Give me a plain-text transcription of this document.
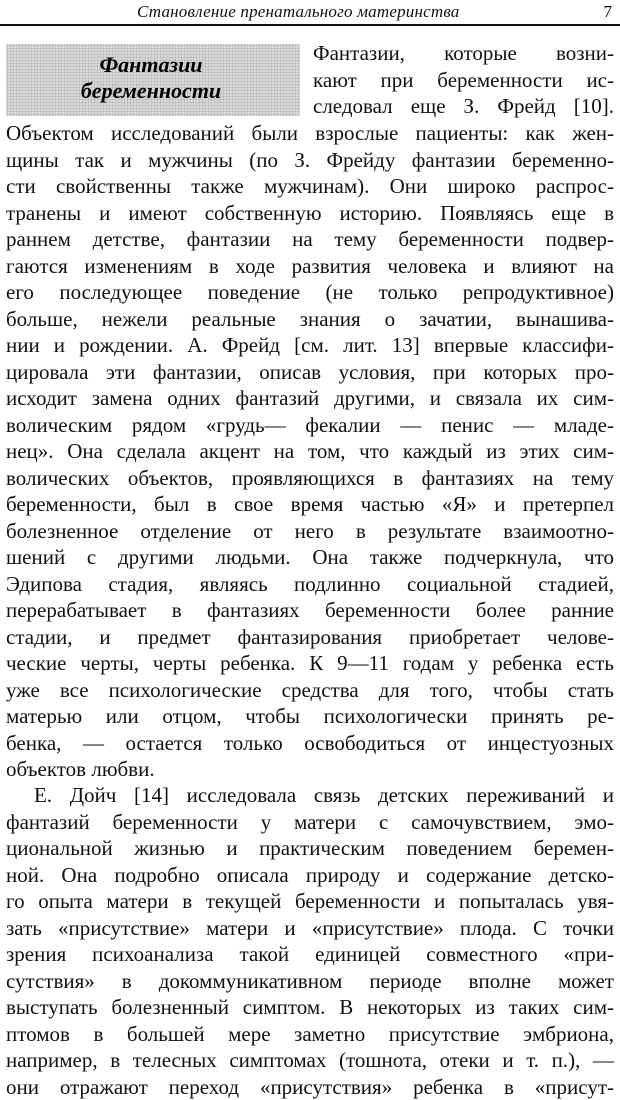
Становление пренатального материнства	7
Фантазии
беременности
Фантазии, которые возни-
кают при беременности ис-
следовал еще З. Фрейд [10].
Объектом исследований были взрослые пациенты: как жен-
щины так и мужчины (по З. Фрейду фантазии беременно-
сти свойственны также мужчинам). Они широко распрос-
транены и имеют собственную историю. Появляясь еще в
раннем детстве, фантазии на тему беременности подвер-
гаются изменениям в ходе развития человека и влияют на
его последующее поведение (не только репродуктивное)
больше, нежели реальные знания о зачатии, вынашива-
нии и рождении. А. Фрейд [см. лит. 13] впервые классифи-
цировала эти фантазии, описав условия, при которых про-
исходит замена одних фантазий другими, и связала их сим-
волическим рядом «грудь— фекалии — пенис — младе-
нец». Она сделала акцент на том, что каждый из этих сим-
волических объектов, проявляющихся в фантазиях на тему
беременности, был в свое время частью «Я» и претерпел
болезненное отделение от него в результате взаимоотно-
шений с другими людьми. Она также подчеркнула, что
Эдипова стадия, являясь подлинно социальной стадией,
перерабатывает в фантазиях беременности более ранние
стадии, и предмет фантазирования приобретает челове-
ческие черты, черты ребенка. К 9—11 годам у ребенка есть
уже все психологические средства для того, чтобы стать
матерью или отцом, чтобы психологически принять ре-
бенка, — остается только освободиться от инцестуозных
объектов любви.
Е. Дойч [14] исследовала связь детских переживаний и
фантазий беременности у матери с самочувствием, эмо-
циональной жизнью и практическим поведением беремен-
ной. Она подробно описала природу и содержание детско-
го опыта матери в текущей беременности и попыталась увя-
зать «присутствие» матери и «присутствие» плода. С точки
зрения психоанализа такой единицей совместного «при-
сутствия» в докоммуникативном периоде вполне может
выступать болезненный симптом. В некоторых из таких сим-
птомов в большей мере заметно присутствие эмбриона,
например, в телесных симптомах (тошнота, отеки и т. п.), —
они отражают переход «присутствия» ребенка в «присут-
